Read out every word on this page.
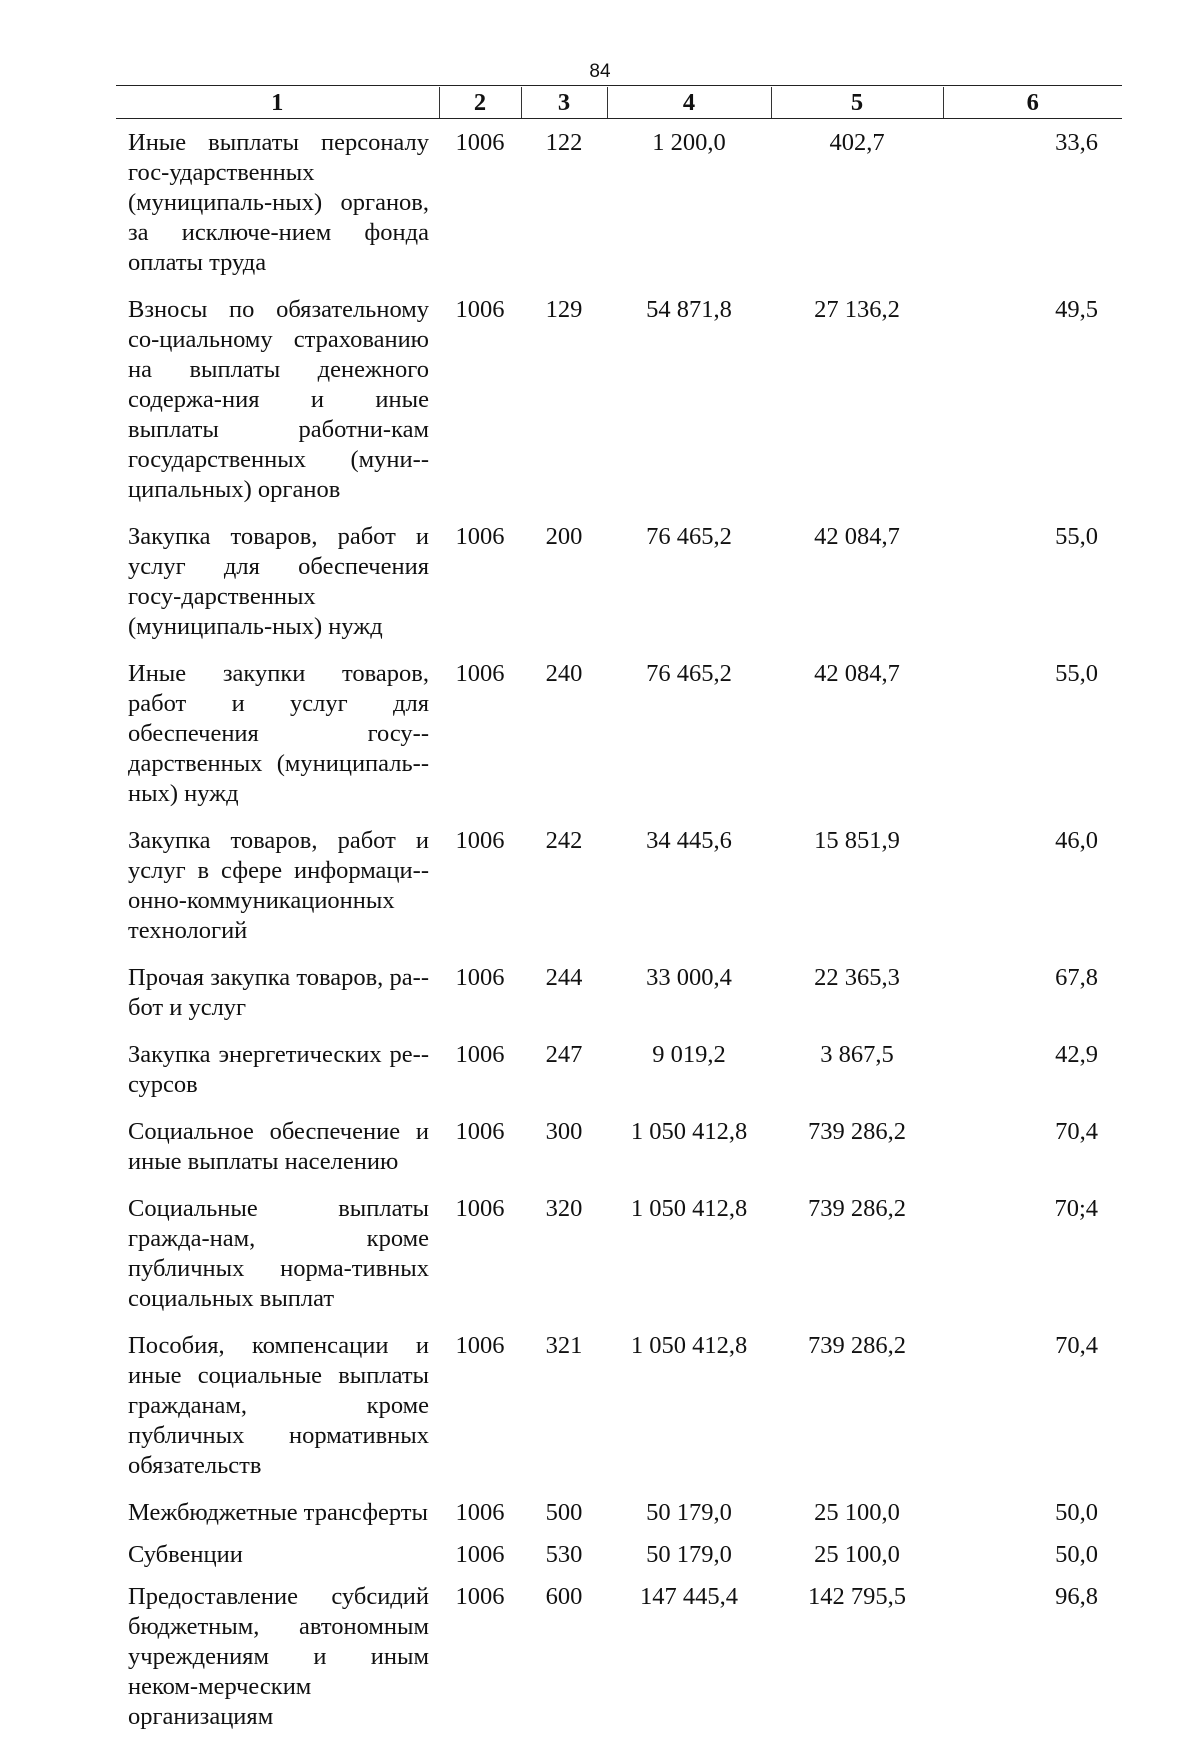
84
1	2	3	4	5	6
Иные выплаты персоналу гос-ударственных (муниципаль-ных) органов, за исключе-нием фонда оплаты труда	1006	122	1 200,0	402,7	33,6
Взносы по обязательному со-циальному страхованию на выплаты денежного содержа-ния и иные выплаты работни-кам государственных (муни-ципальных) органов	1006	129	54 871,8	27 136,2	49,5
Закупка товаров, работ и услуг для обеспечения госу-дарственных (муниципаль-ных) нужд	1006	200	76 465,2	42 084,7	55,0
Иные закупки товаров, работ и услуг для обеспечения госу-дарственных (муниципаль-ных) нужд	1006	240	76 465,2	42 084,7	55,0
Закупка товаров, работ и услуг в сфере информаци-онно-коммуникационных технологий	1006	242	34 445,6	15 851,9	46,0
Прочая закупка товаров, ра-бот и услуг	1006	244	33 000,4	22 365,3	67,8
Закупка энергетических ре-сурсов	1006	247	9 019,2	3 867,5	42,9
Социальное обеспечение и иные выплаты населению	1006	300	1 050 412,8	739 286,2	70,4
Социальные выплаты гражда-нам, кроме публичных норма-тивных социальных выплат	1006	320	1 050 412,8	739 286,2	70;4
Пособия, компенсации и иные социальные выплаты гражданам, кроме публичных нормативных обязательств	1006	321	1 050 412,8	739 286,2	70,4
Межбюджетные трансферты	1006	500	50 179,0	25 100,0	50,0
Субвенции	1006	530	50 179,0	25 100,0	50,0
Предоставление субсидий бюджетным, автономным учреждениям и иным неком-мерческим организациям	1006	600	147 445,4	142 795,5	96,8
